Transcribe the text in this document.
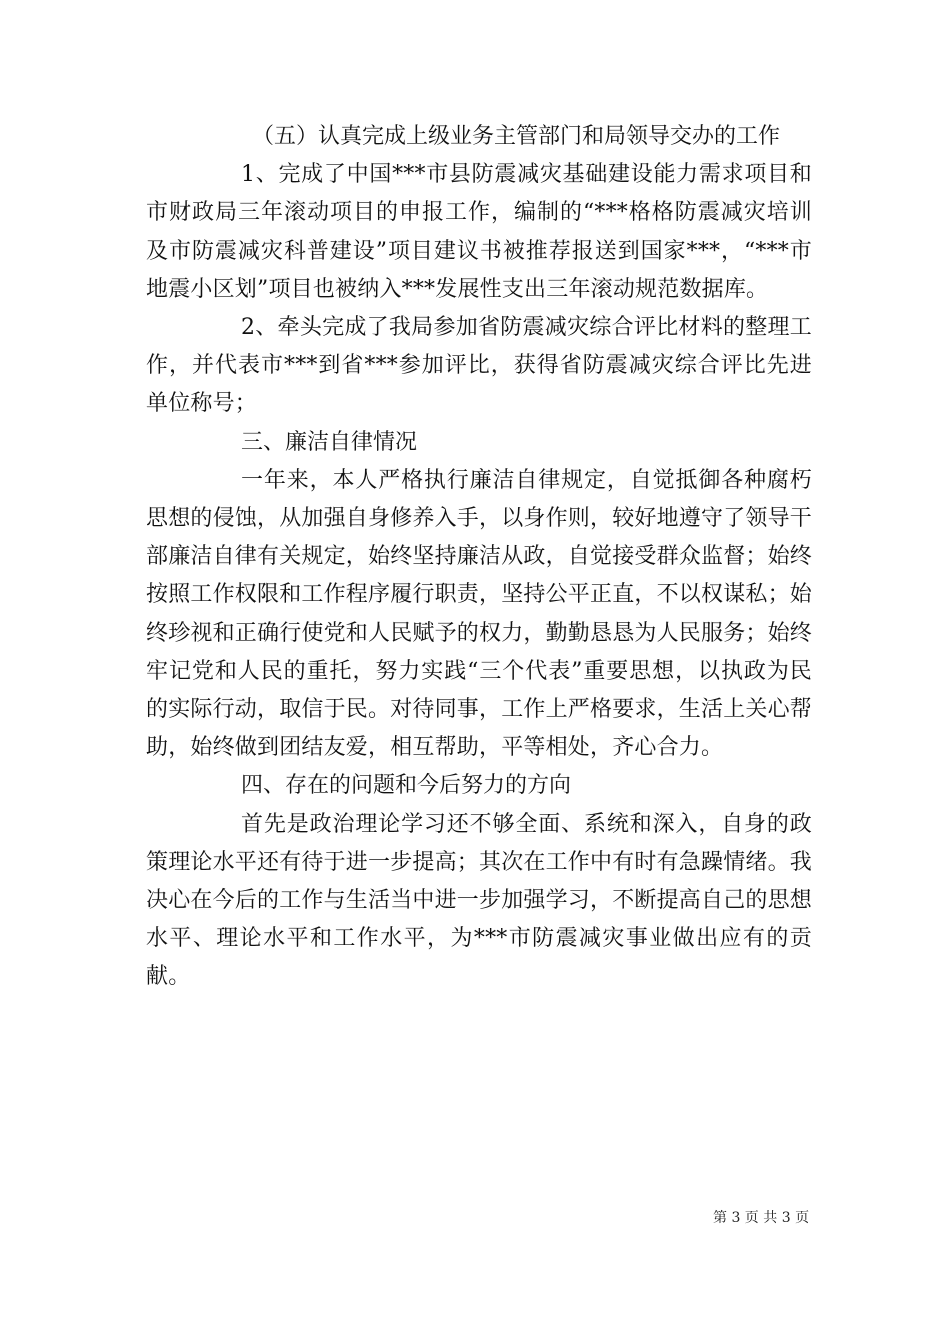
（五）认真完成上级业务主管部门和局领导交办的工作

1、完成了中国***市县防震减灾基础建设能力需求项目和市财政局三年滚动项目的申报工作，编制的“***格格防震减灾培训及市防震减灾科普建设”项目建议书被推荐报送到国家***，“***市地震小区划”项目也被纳入***发展性支出三年滚动规范数据库。

2、牵头完成了我局参加省防震减灾综合评比材料的整理工作，并代表市***到省***参加评比，获得省防震减灾综合评比先进单位称号；

三、廉洁自律情况

一年来，本人严格执行廉洁自律规定，自觉抵御各种腐朽思想的侵蚀，从加强自身修养入手，以身作则，较好地遵守了领导干部廉洁自律有关规定，始终坚持廉洁从政，自觉接受群众监督；始终按照工作权限和工作程序履行职责，坚持公平正直，不以权谋私；始终珍视和正确行使党和人民赋予的权力，勤勤恳恳为人民服务；始终牢记党和人民的重托，努力实践“三个代表”重要思想，以执政为民的实际行动，取信于民。对待同事，工作上严格要求，生活上关心帮助，始终做到团结友爱，相互帮助，平等相处，齐心合力。

四、存在的问题和今后努力的方向

首先是政治理论学习还不够全面、系统和深入，自身的政策理论水平还有待于进一步提高；其次在工作中有时有急躁情绪。我决心在今后的工作与生活当中进一步加强学习，不断提高自己的思想水平、理论水平和工作水平，为***市防震减灾事业做出应有的贡献。

第 3 页 共 3 页
